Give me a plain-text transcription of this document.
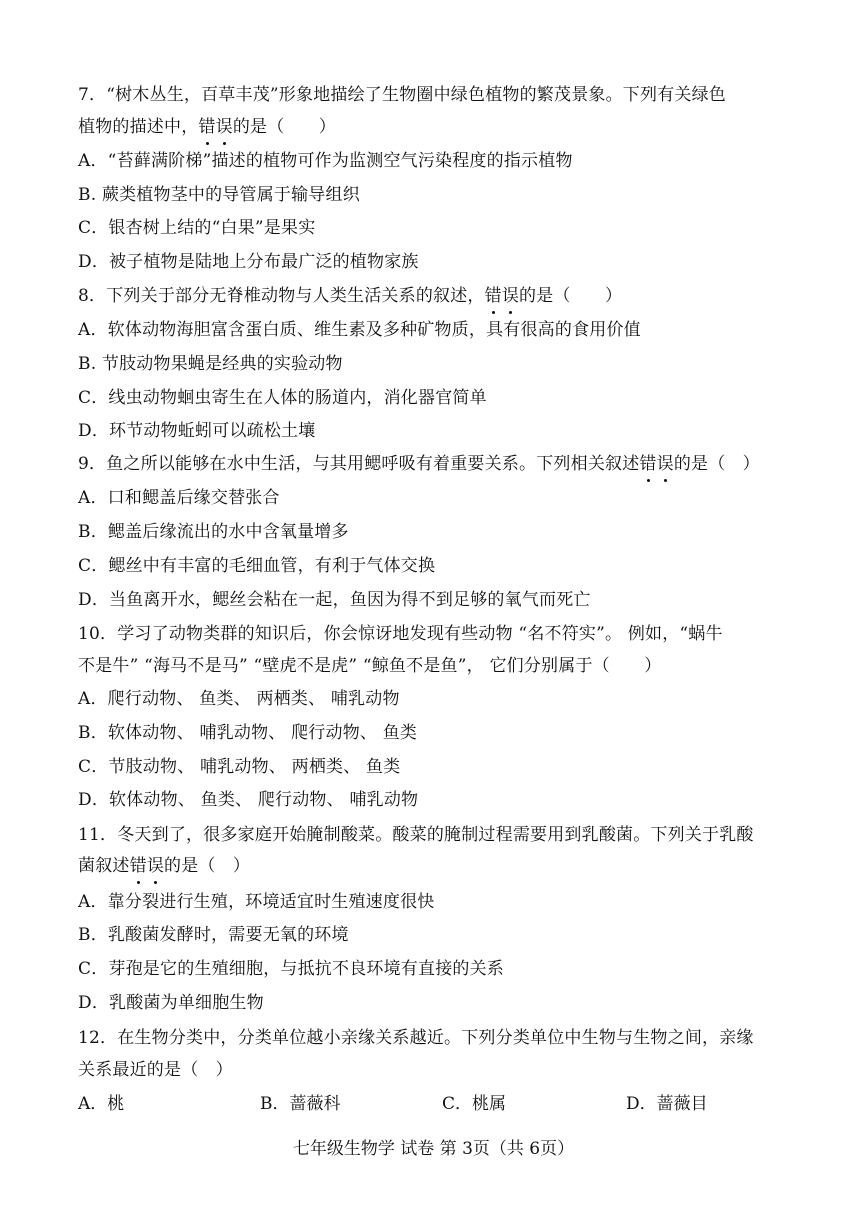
7．“树木丛生，百草丰茂”形象地描绘了生物圈中绿色植物的繁茂景象。下列有关绿色
植物的描述中，错误的是（　　）
A．“苔藓满阶梯”描述的植物可作为监测空气污染程度的指示植物
B. 蕨类植物茎中的导管属于输导组织
C．银杏树上结的“白果”是果实
D．被子植物是陆地上分布最广泛的植物家族
8．下列关于部分无脊椎动物与人类生活关系的叙述，错误的是（　　）
A．软体动物海胆富含蛋白质、维生素及多种矿物质，具有很高的食用价值
B. 节肢动物果蝇是经典的实验动物
C．线虫动物蛔虫寄生在人体的肠道内，消化器官简单
D．环节动物蚯蚓可以疏松土壤
9．鱼之所以能够在水中生活，与其用鳃呼吸有着重要关系。下列相关叙述错误的是（　）
A．口和鳃盖后缘交替张合
B．鳃盖后缘流出的水中含氧量增多
C．鳃丝中有丰富的毛细血管，有利于气体交换
D．当鱼离开水，鳃丝会粘在一起，鱼因为得不到足够的氧气而死亡
10．学习了动物类群的知识后，你会惊讶地发现有些动物 “名不符实”。 例如，“蜗牛
不是牛” “海马不是马” “壁虎不是虎” “鲸鱼不是鱼”， 它们分别属于（　　）
A．爬行动物、 鱼类、 两栖类、 哺乳动物
B．软体动物、 哺乳动物、 爬行动物、 鱼类
C．节肢动物、 哺乳动物、 两栖类、 鱼类
D．软体动物、 鱼类、 爬行动物、 哺乳动物
11．冬天到了，很多家庭开始腌制酸菜。酸菜的腌制过程需要用到乳酸菌。下列关于乳酸
菌叙述错误的是（　）
A．靠分裂进行生殖，环境适宜时生殖速度很快
B．乳酸菌发酵时，需要无氧的环境
C．芽孢是它的生殖细胞，与抵抗不良环境有直接的关系
D．乳酸菌为单细胞生物
12．在生物分类中，分类单位越小亲缘关系越近。下列分类单位中生物与生物之间，亲缘
关系最近的是（　）
A．桃	B．蔷薇科	C．桃属	D．蔷薇目
七年级生物学 试卷 第 3页（共 6页）
